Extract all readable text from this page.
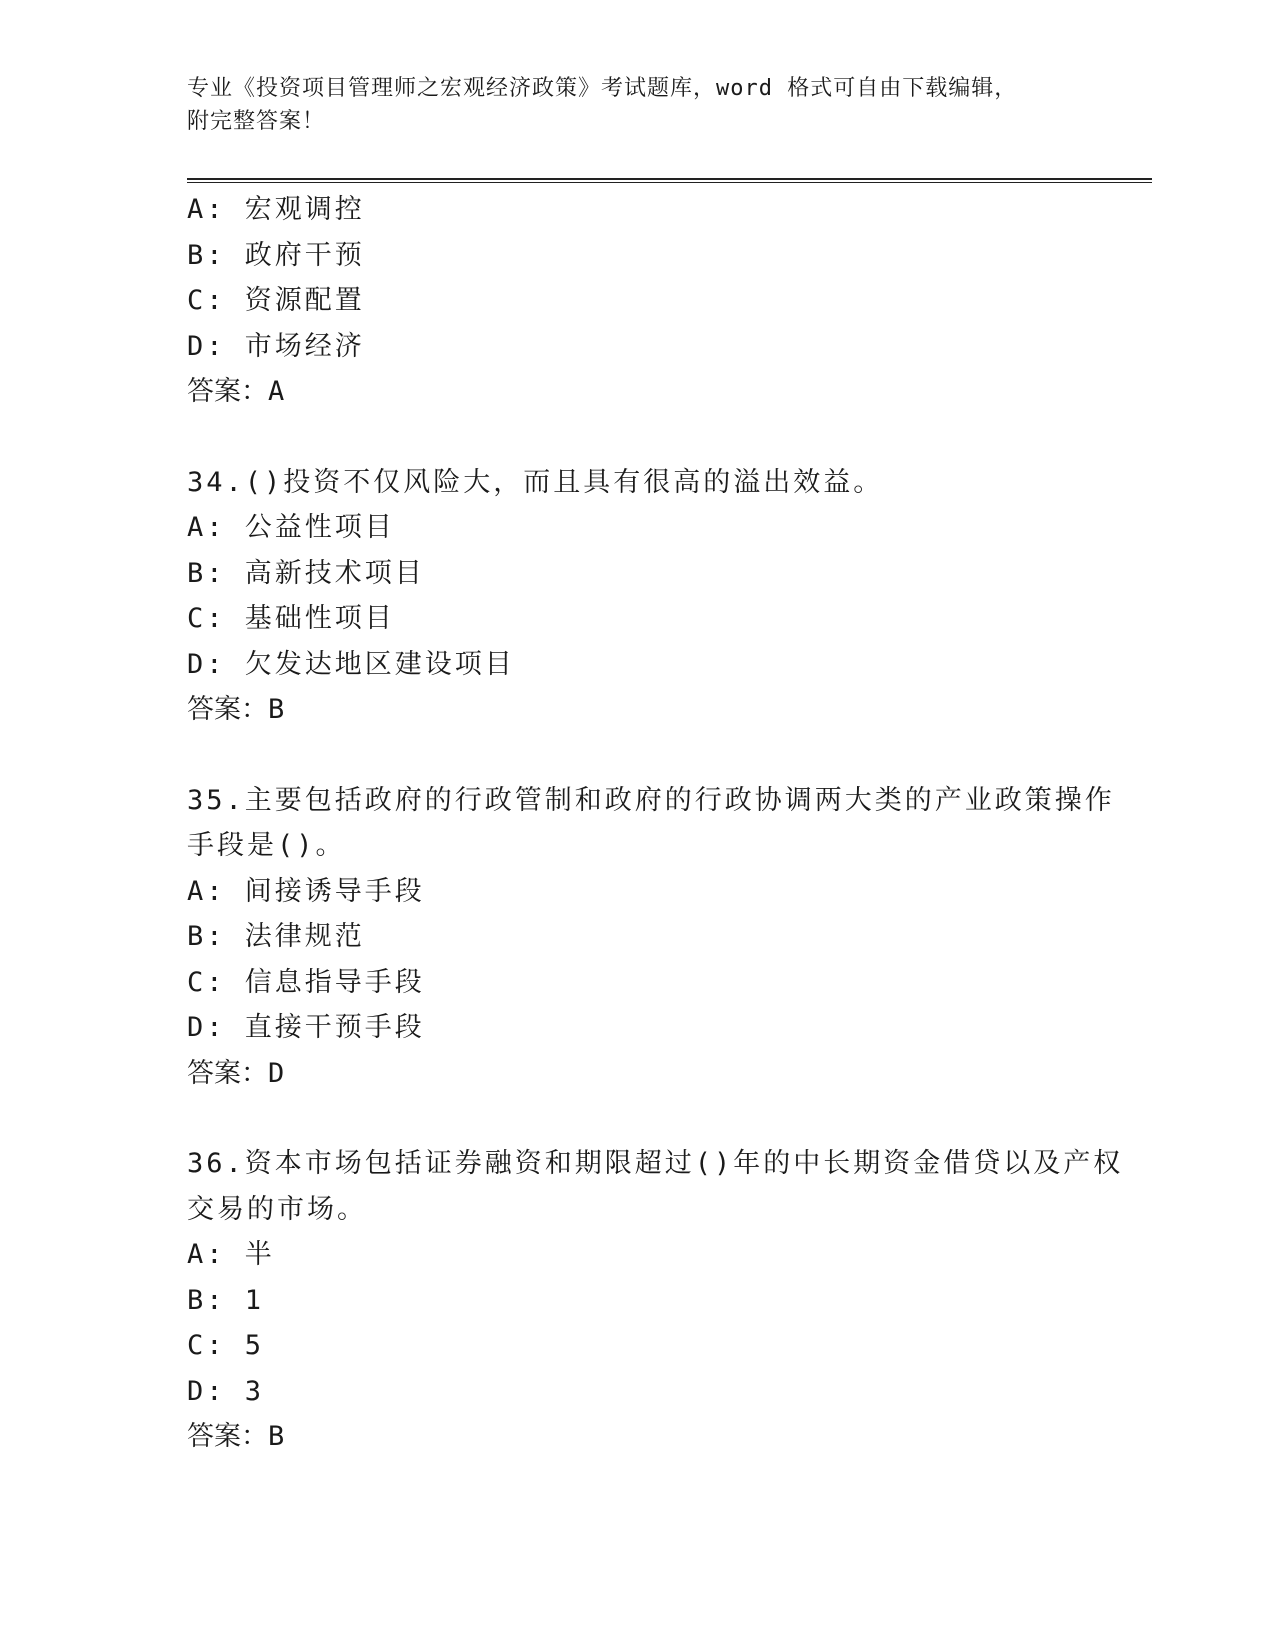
专业《投资项目管理师之宏观经济政策》考试题库，word 格式可自由下载编辑，

附完整答案！

A: 宏观调控

B: 政府干预

C: 资源配置

D: 市场经济

答案：A

34.()投资不仅风险大，而且具有很高的溢出效益。

A: 公益性项目

B: 高新技术项目

C: 基础性项目

D: 欠发达地区建设项目

答案：B

35.主要包括政府的行政管制和政府的行政协调两大类的产业政策操作

手段是()。

A: 间接诱导手段

B: 法律规范

C: 信息指导手段

D: 直接干预手段

答案：D

36.资本市场包括证券融资和期限超过()年的中长期资金借贷以及产权

交易的市场。

A: 半

B: 1

C: 5

D: 3

答案：B
